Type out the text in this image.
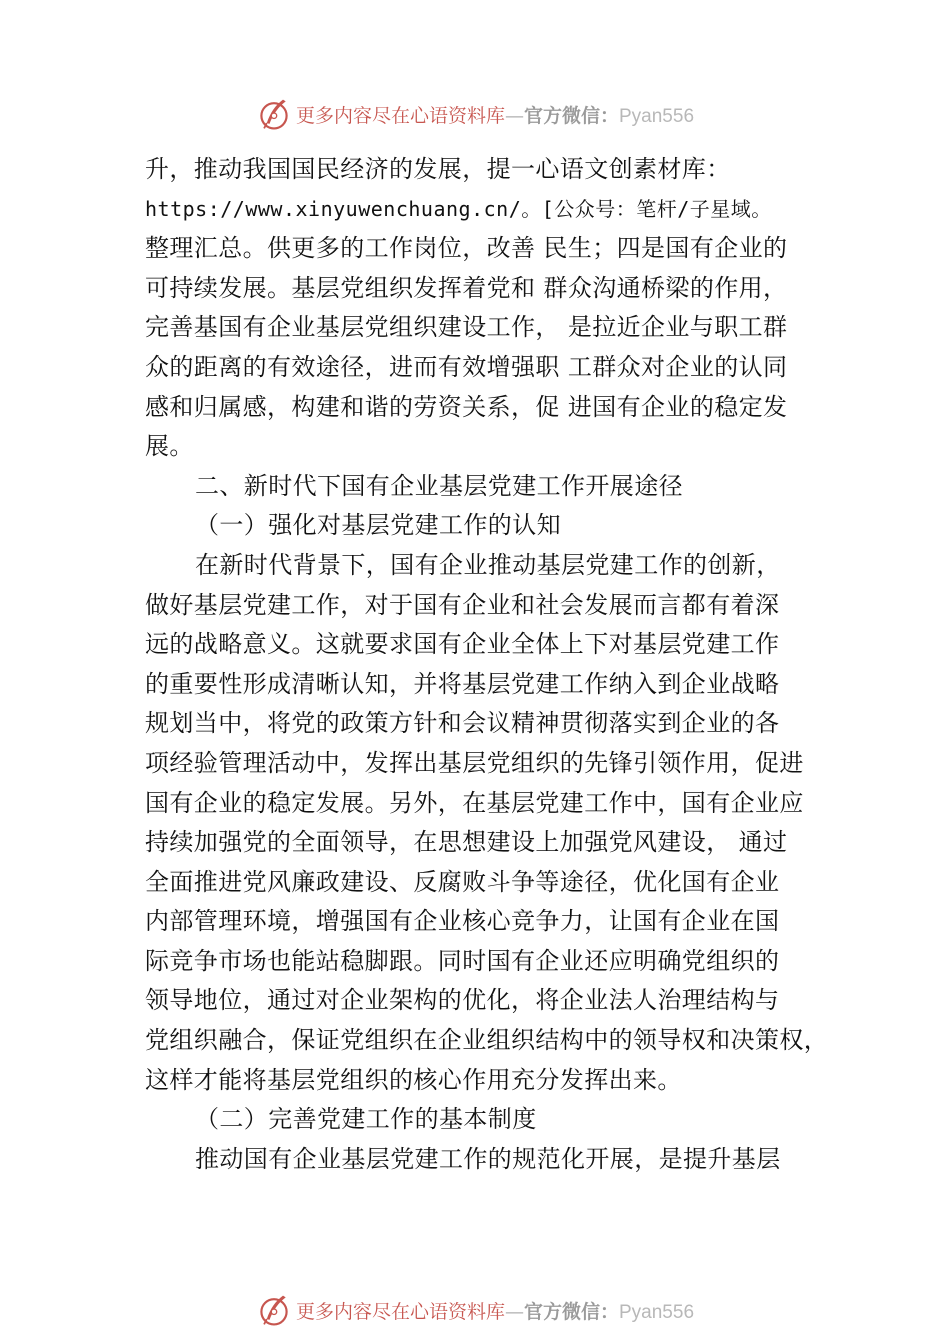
更多内容尽在心语资料库—官方微信：Pyan556
升，推动我国国民经济的发展，提一心语文创素材库：
https://www.xinyuwenchuang.cn/。[公众号：笔杆/子星域。
整理汇总。供更多的工作岗位，改善 民生；四是国有企业的
可持续发展。基层党组织发挥着党和 群众沟通桥梁的作用，
完善基国有企业基层党组织建设工作， 是拉近企业与职工群
众的距离的有效途径，进而有效增强职 工群众对企业的认同
感和归属感，构建和谐的劳资关系，促 进国有企业的稳定发
展。
二、新时代下国有企业基层党建工作开展途径
（一）强化对基层党建工作的认知
在新时代背景下，国有企业推动基层党建工作的创新，
做好基层党建工作，对于国有企业和社会发展而言都有着深
远的战略意义。这就要求国有企业全体上下对基层党建工作
的重要性形成清晰认知，并将基层党建工作纳入到企业战略
规划当中，将党的政策方针和会议精神贯彻落实到企业的各
项经验管理活动中，发挥出基层党组织的先锋引领作用，促进
国有企业的稳定发展。另外，在基层党建工作中，国有企业应
持续加强党的全面领导，在思想建设上加强党风建设， 通过
全面推进党风廉政建设、反腐败斗争等途径，优化国有企业
内部管理环境，增强国有企业核心竞争力，让国有企业在国
际竞争市场也能站稳脚跟。同时国有企业还应明确党组织的
领导地位，通过对企业架构的优化，将企业法人治理结构与
党组织融合，保证党组织在企业组织结构中的领导权和决策权，
这样才能将基层党组织的核心作用充分发挥出来。
（二）完善党建工作的基本制度
推动国有企业基层党建工作的规范化开展，是提升基层
更多内容尽在心语资料库—官方微信：Pyan556
